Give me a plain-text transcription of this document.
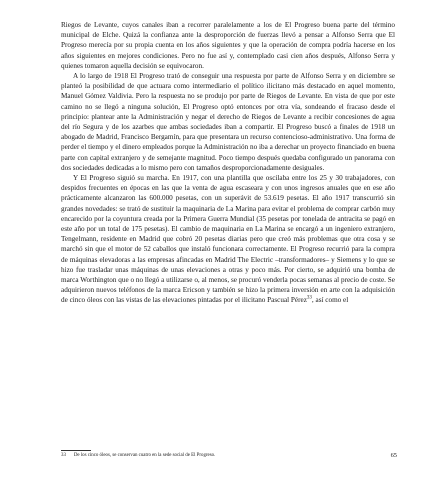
Riegos de Levante, cuyos canales iban a recorrer paralelamente a los de El Progreso buena parte del término municipal de Elche. Quizá la confianza ante la desproporción de fuerzas llevó a pensar a Alfonso Serra que El Progreso merecía por su propia cuenta en los años siguientes y que la operación de compra podría hacerse en los años siguientes en mejores condiciones. Pero no fue así y, contemplado casi cien años después, Alfonso Serra y quienes tomaron aquella decisión se equivocaron.

A lo largo de 1918 El Progreso trató de conseguir una respuesta por parte de Alfonso Serra y en diciembre se planteó la posibilidad de que actuara como intermediario el político ilicitano más destacado en aquel momento, Manuel Gómez Valdivia. Pero la respuesta no se produjo por parte de Riegos de Levante. En vista de que por este camino no se llegó a ninguna solución, El Progreso optó entonces por otra vía, sondeando el fracaso desde el principio: plantear ante la Administración y negar el derecho de Riegos de Levante a recibir concesiones de agua del río Segura y de los azarbes que ambas sociedades iban a compartir. El Progreso buscó a finales de 1918 un abogado de Madrid, Francisco Bergamín, para que presentara un recurso contencioso-administrativo. Una forma de perder el tiempo y el dinero empleados porque la Administración no iba a derechar un proyecto financiado en buena parte con capital extranjero y de semejante magnitud. Poco tiempo después quedaba configurado un panorama con dos sociedades dedicadas a lo mismo pero con tamaños desproporcionadamente desiguales.

Y El Progreso siguió su marcha. En 1917, con una plantilla que oscilaba entre los 25 y 30 trabajadores, con despidos frecuentes en épocas en las que la venta de agua escaseara y con unos ingresos anuales que en ese año prácticamente alcanzaron las 600.000 pesetas, con un superávit de 53.619 pesetas. El año 1917 transcurrió sin grandes novedades: se trató de sustituir la maquinaria de La Marina para evitar el problema de comprar carbón muy encarecido por la coyuntura creada por la Primera Guerra Mundial (35 pesetas por tonelada de antracita se pagó en este año por un total de 175 pesetas). El cambio de maquinaria en La Marina se encargó a un ingeniero extranjero, Tengelmann, residente en Madrid que cobró 20 pesetas diarias pero que creó más problemas que otra cosa y se marchó sin que el motor de 52 caballos que instaló funcionara correctamente. El Progreso recurrió para la compra de máquinas elevadoras a las empresas afincadas en Madrid The Electric –transformadores– y Siemens y lo que se hizo fue trasladar unas máquinas de unas elevaciones a otras y poco más. Por cierto, se adquirió una bomba de marca Worthington que o no llegó a utilizarse o, al menos, se procuró venderla pocas semanas al precio de coste. Se adquirieron nuevos teléfonos de la marca Ericson y también se hizo la primera inversión en arte con la adquisición de cinco óleos con las vistas de las elevaciones pintadas por el ilicitano Pascual Pérez$^{33}$, así como el

33 De los cinco óleos, se conservan cuatro en la sede social de El Progreso.	65
